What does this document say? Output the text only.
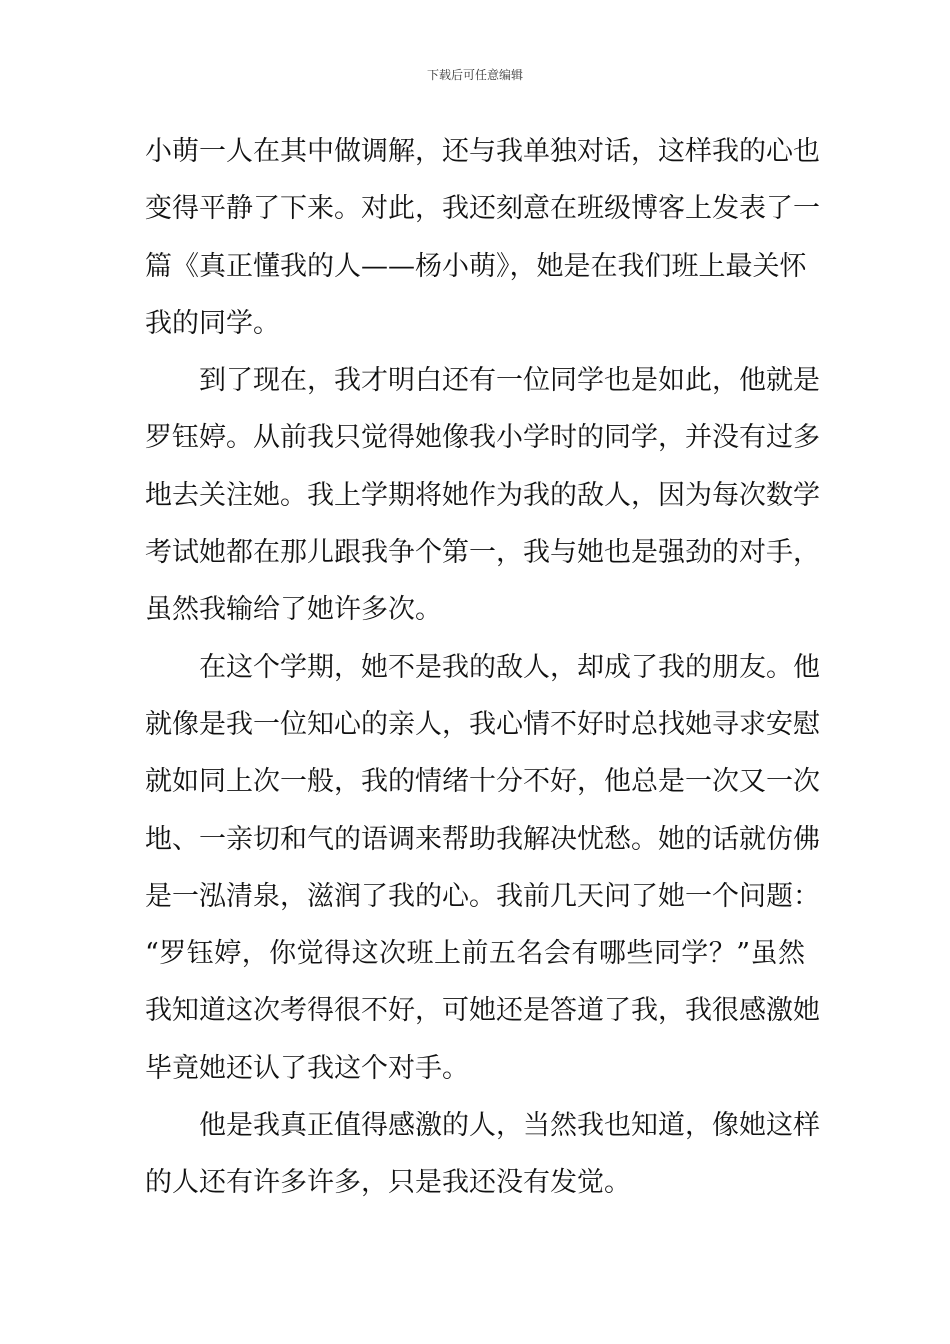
下载后可任意编辑
小萌一人在其中做调解，还与我单独对话，这样我的心也
变得平静了下来。对此，我还刻意在班级博客上发表了一
篇《真正懂我的人——杨小萌》，她是在我们班上最关怀
我的同学。
到了现在，我才明白还有一位同学也是如此，他就是
罗钰婷。从前我只觉得她像我小学时的同学，并没有过多
地去关注她。我上学期将她作为我的敌人，因为每次数学
考试她都在那儿跟我争个第一，我与她也是强劲的对手，
虽然我输给了她许多次。
在这个学期，她不是我的敌人，却成了我的朋友。他
就像是我一位知心的亲人，我心情不好时总找她寻求安慰
就如同上次一般，我的情绪十分不好，他总是一次又一次
地、一亲切和气的语调来帮助我解决忧愁。她的话就仿佛
是一泓清泉，滋润了我的心。我前几天问了她一个问题：
“罗钰婷，你觉得这次班上前五名会有哪些同学？”虽然
我知道这次考得很不好，可她还是答道了我，我很感激她
毕竟她还认了我这个对手。
他是我真正值得感激的人，当然我也知道，像她这样
的人还有许多许多，只是我还没有发觉。
